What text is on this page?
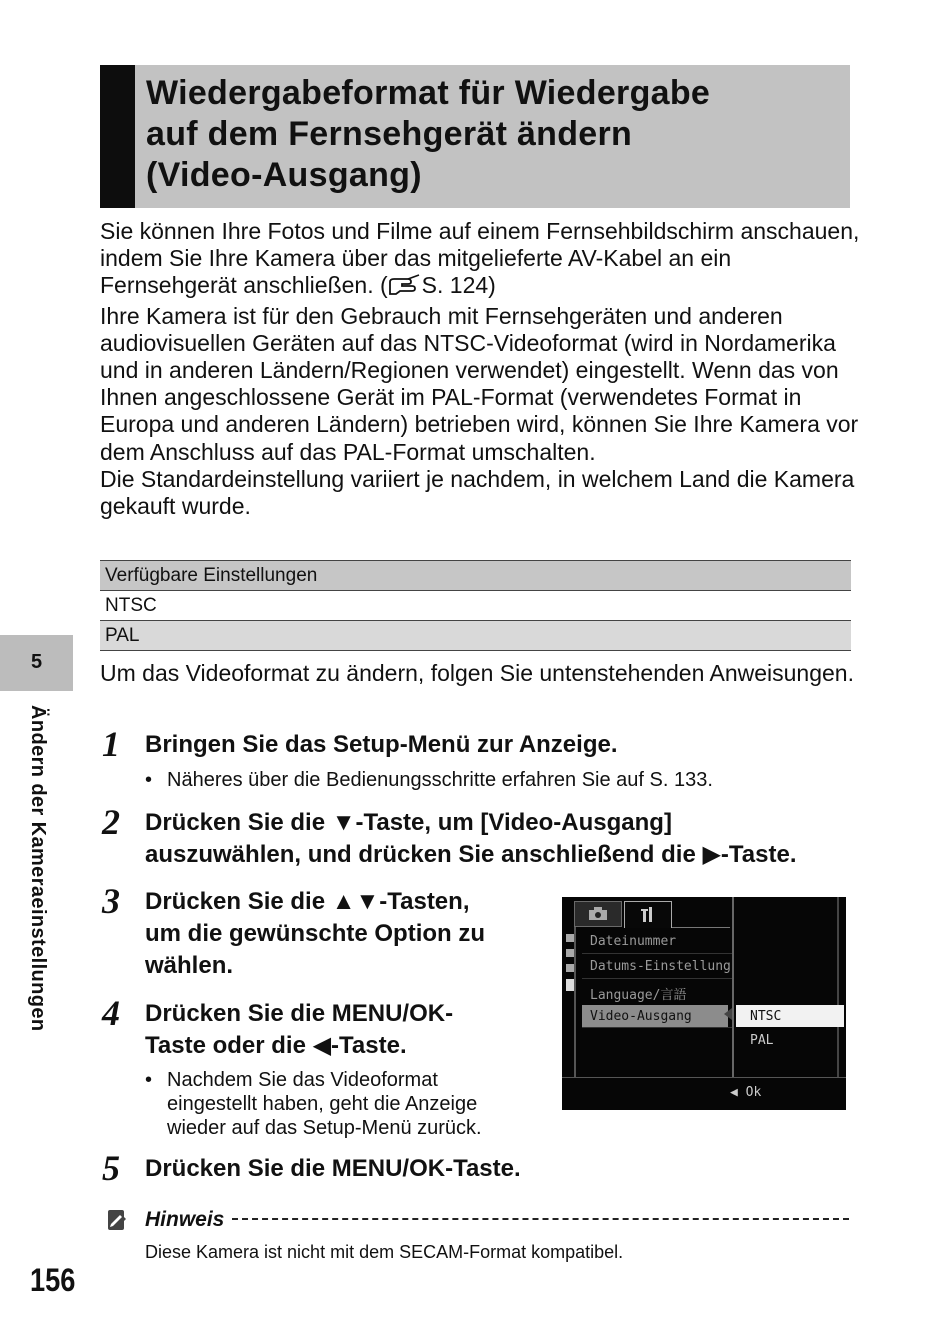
Wiedergabeformat für Wiedergabe
auf dem Fernsehgerät ändern
(Video-Ausgang)

Sie können Ihre Fotos und Filme auf einem Fernsehbildschirm anschauen, indem Sie Ihre Kamera über das mitgelieferte AV-Kabel an ein Fernsehgerät anschließen. ( S. 124)

Ihre Kamera ist für den Gebrauch mit Fernsehgeräten und anderen audiovisuellen Geräten auf das NTSC-Videoformat (wird in Nordamerika und in anderen Ländern/Regionen verwendet) eingestellt. Wenn das von Ihnen angeschlossene Gerät im PAL-Format (verwendetes Format in Europa und anderen Ländern) betrieben wird, können Sie Ihre Kamera vor dem Anschluss auf das PAL-Format umschalten.

Die Standardeinstellung variiert je nachdem, in welchem Land die Kamera gekauft wurde.

Verfügbare Einstellungen
NTSC
PAL
Um das Videoformat zu ändern, folgen Sie untenstehenden Anweisungen.
1 Bringen Sie das Setup-Menü zur Anzeige.
• Näheres über die Bedienungsschritte erfahren Sie auf S. 133.
2 Drücken Sie die ▼-Taste, um [Video-Ausgang]
auszuwählen, und drücken Sie anschließend die ▶-Taste.
3 Drücken Sie die ▲▼-Tasten,
um die gewünschte Option zu
wählen.
4 Drücken Sie die MENU/OK-
Taste oder die ◀-Taste.
• Nachdem Sie das Videoformat
eingestellt haben, geht die Anzeige
wieder auf das Setup-Menü zurück.
5 Drücken Sie die MENU/OK-Taste.
Dateinummer
Datums-Einstellung
Language/言語
Video-Ausgang	NTSC
PAL
◀ Ok
Hinweis
Diese Kamera ist nicht mit dem SECAM-Format kompatibel.
5
Ändern der Kameraeinstellungen
156
